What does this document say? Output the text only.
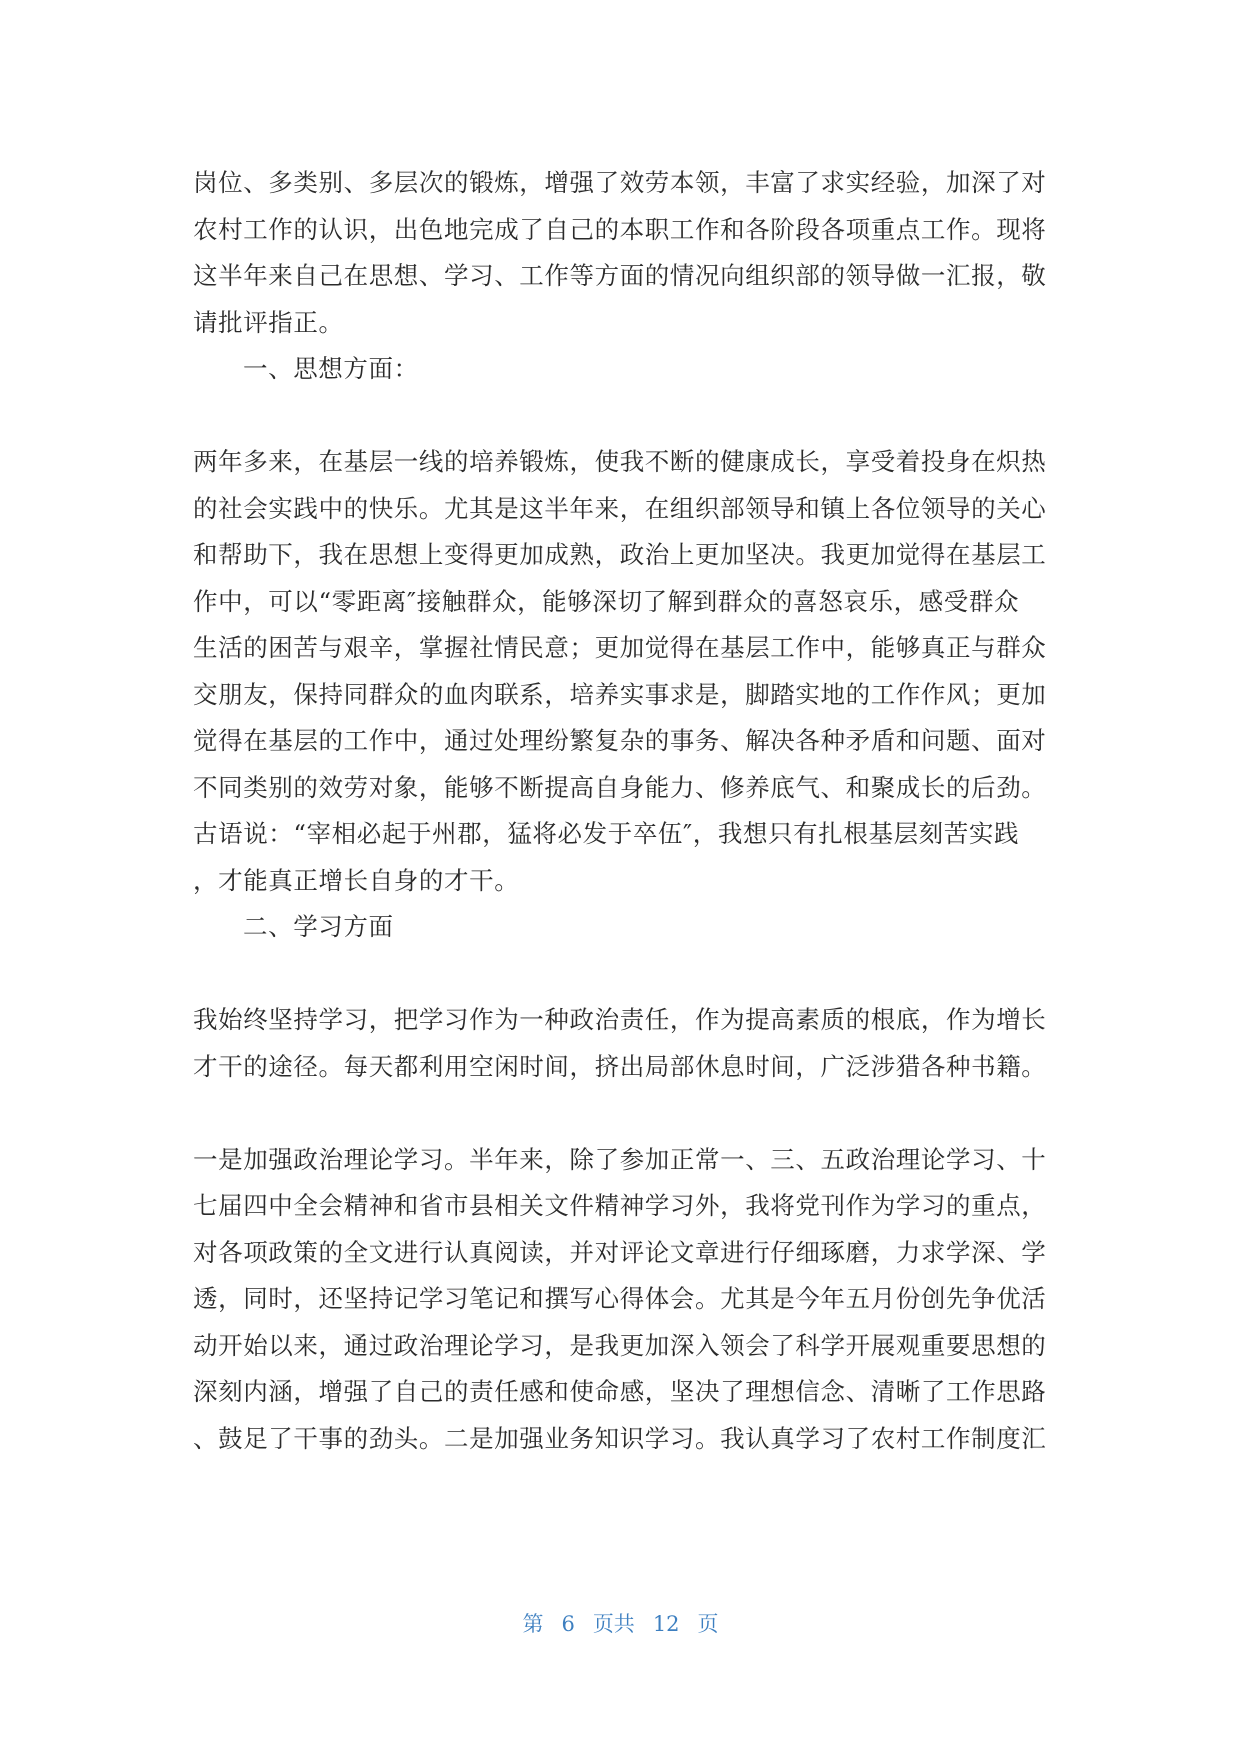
岗位、多类别、多层次的锻炼，增强了效劳本领，丰富了求实经验，加深了对
农村工作的认识，出色地完成了自己的本职工作和各阶段各项重点工作。现将
这半年来自己在思想、学习、工作等方面的情况向组织部的领导做一汇报，敬
请批评指正。
一、思想方面：
两年多来，在基层一线的培养锻炼，使我不断的健康成长，享受着投身在炽热
的社会实践中的快乐。尤其是这半年来，在组织部领导和镇上各位领导的关心
和帮助下，我在思想上变得更加成熟，政治上更加坚决。我更加觉得在基层工
作中，可以“零距离″接触群众，能够深切了解到群众的喜怒哀乐，感受群众
生活的困苦与艰辛，掌握社情民意；更加觉得在基层工作中，能够真正与群众
交朋友，保持同群众的血肉联系，培养实事求是，脚踏实地的工作作风；更加
觉得在基层的工作中，通过处理纷繁复杂的事务、解决各种矛盾和问题、面对
不同类别的效劳对象，能够不断提高自身能力、修养底气、和聚成长的后劲。
古语说：“宰相必起于州郡，猛将必发于卒伍″，我想只有扎根基层刻苦实践
，才能真正增长自身的才干。
二、学习方面
我始终坚持学习，把学习作为一种政治责任，作为提高素质的根底，作为增长
才干的途径。每天都利用空闲时间，挤出局部休息时间，广泛涉猎各种书籍。
一是加强政治理论学习。半年来，除了参加正常一、三、五政治理论学习、十
七届四中全会精神和省市县相关文件精神学习外，我将党刊作为学习的重点，
对各项政策的全文进行认真阅读，并对评论文章进行仔细琢磨，力求学深、学
透，同时，还坚持记学习笔记和撰写心得体会。尤其是今年五月份创先争优活
动开始以来，通过政治理论学习，是我更加深入领会了科学开展观重要思想的
深刻内涵，增强了自己的责任感和使命感，坚决了理想信念、清晰了工作思路
、鼓足了干事的劲头。二是加强业务知识学习。我认真学习了农村工作制度汇
第 6 页共 12 页
